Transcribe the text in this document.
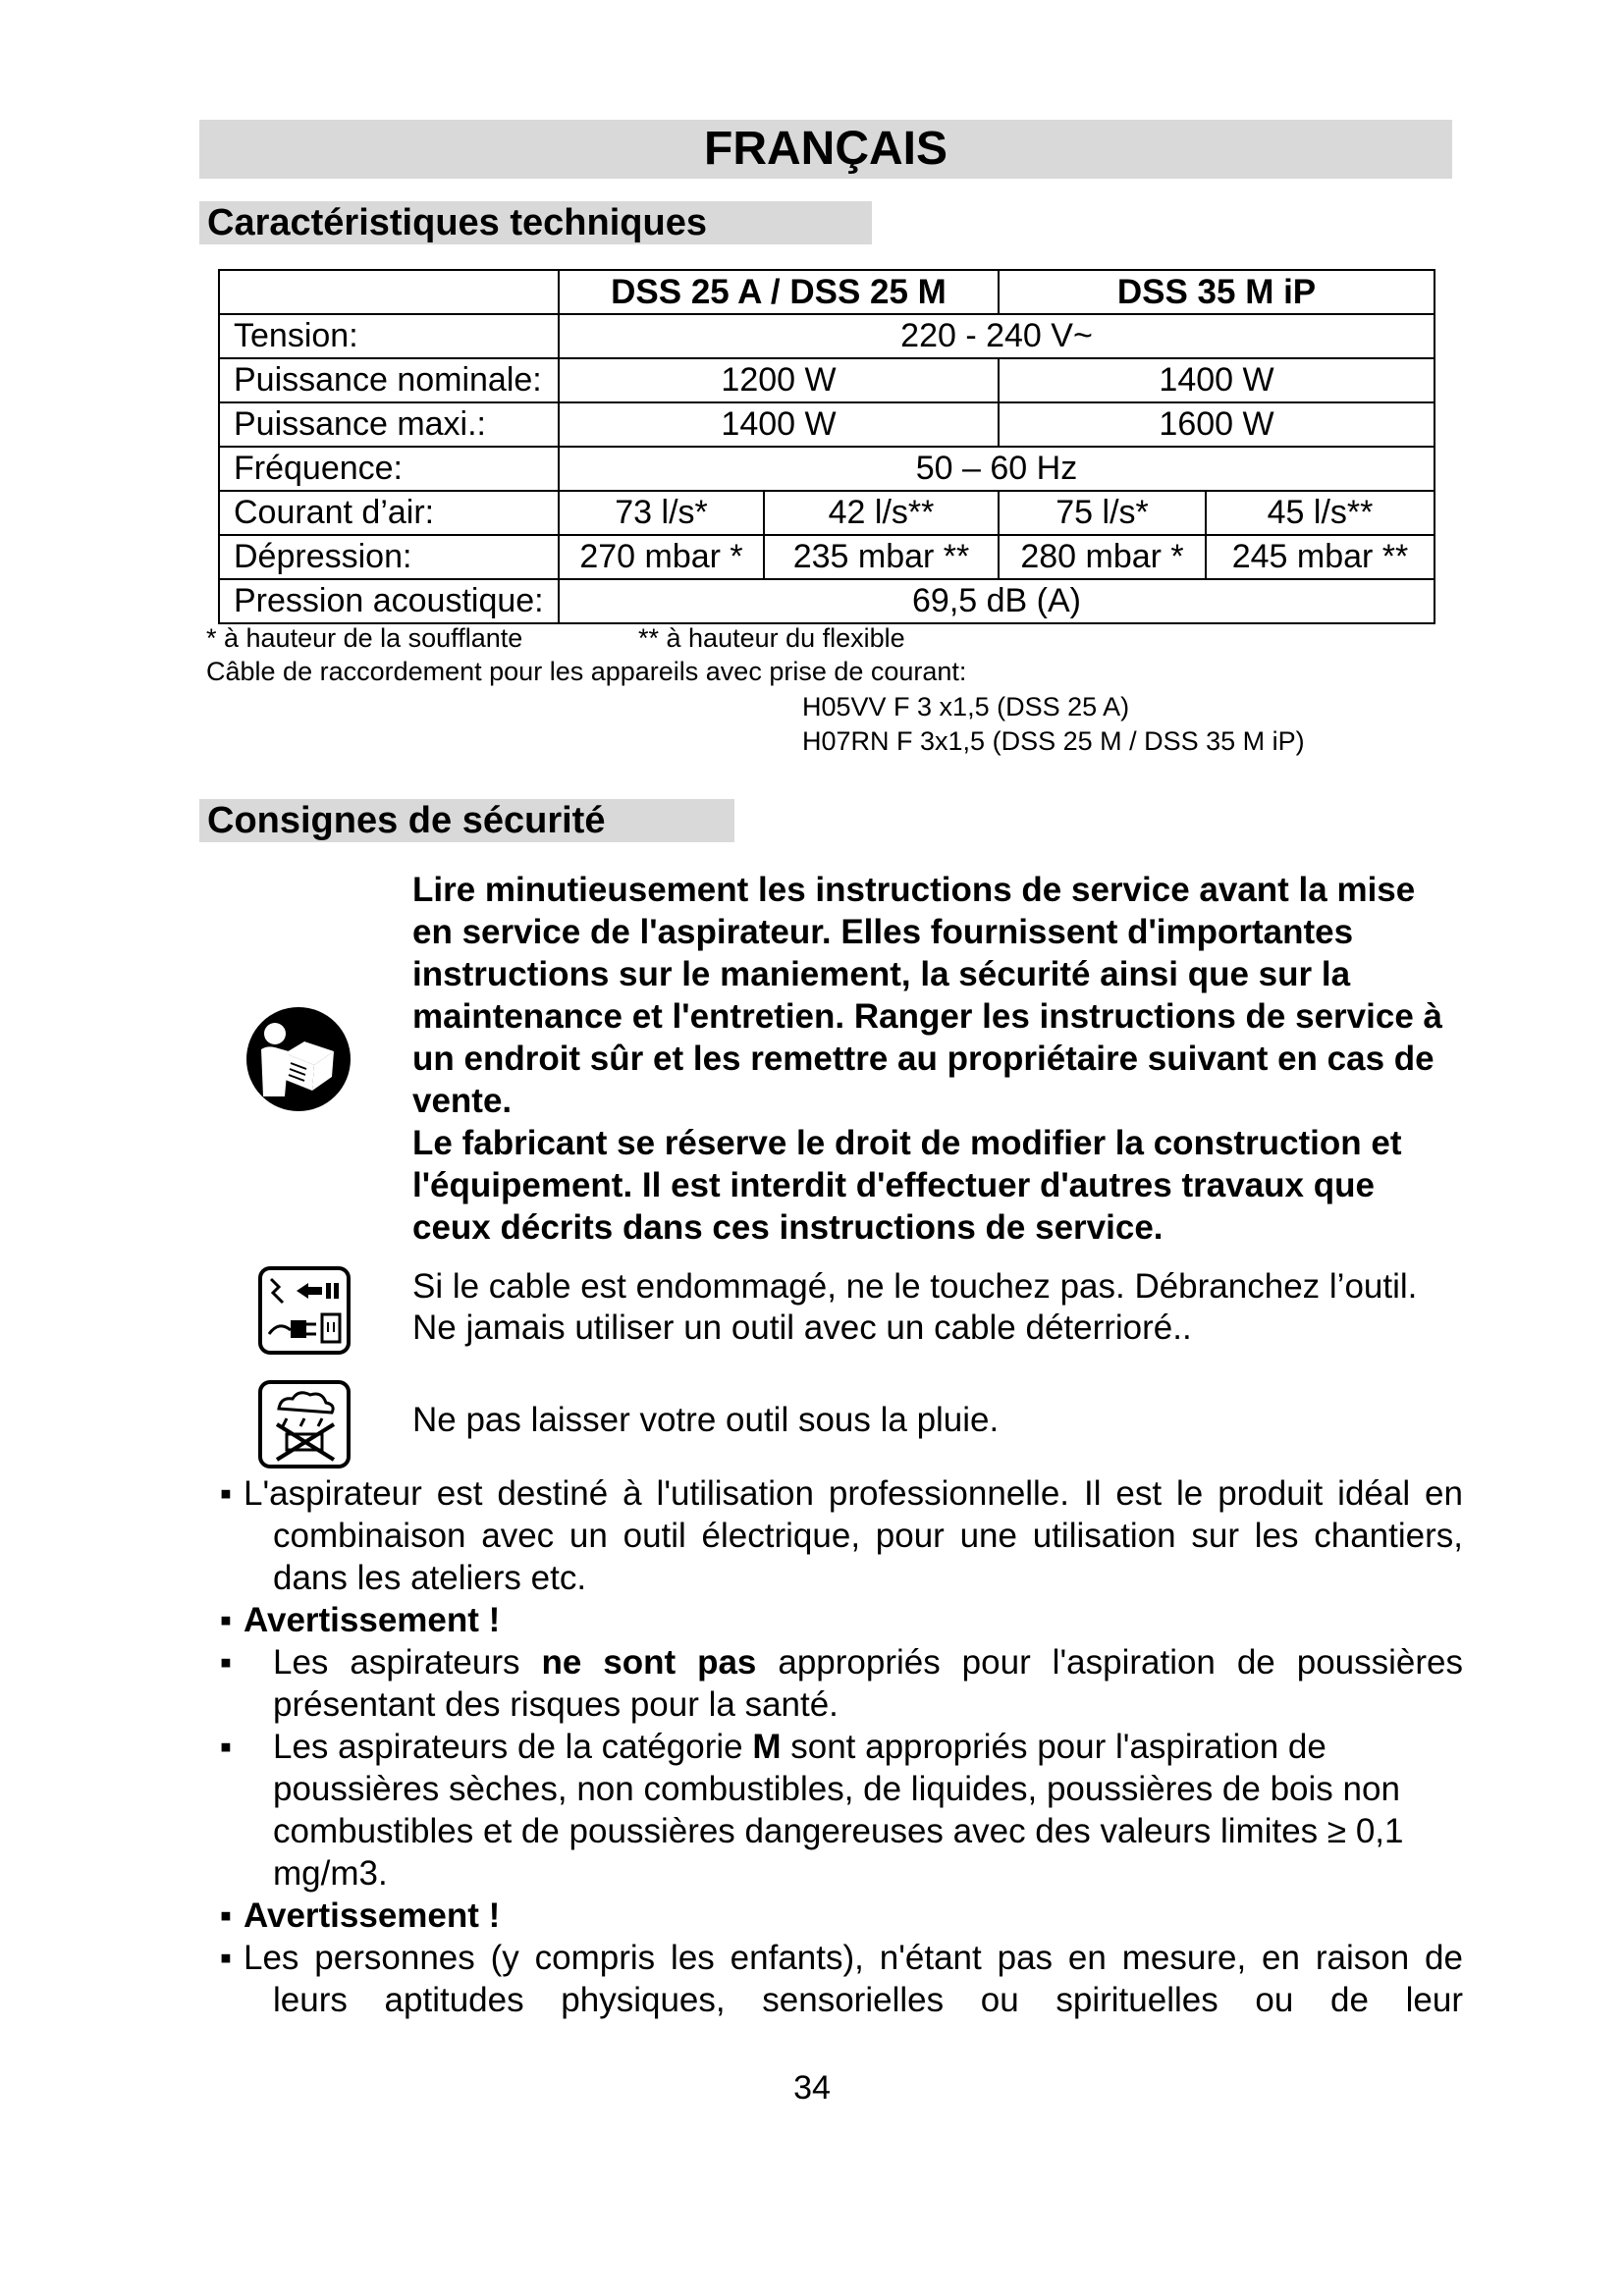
FRANÇAIS
Caractéristiques techniques
	DSS 25 A / DSS 25 M		DSS 35 M iP	
Tension:	220 - 240 V~			
Puissance nominale:	1200 W		1400 W	
Puissance maxi.:	1400 W		1600 W	
Fréquence:	50 – 60 Hz			
Courant d’air:	73 l/s*	42 l/s**	75 l/s*	45 l/s**
Dépression:	270 mbar *	235 mbar **	280 mbar *	245 mbar **
Pression acoustique:	69,5 dB (A)			
* à hauteur de la soufflante	** à hauteur du flexible
Câble de raccordement pour les appareils avec prise de courant:
H05VV F 3 x1,5 (DSS 25 A)
H07RN F 3x1,5 (DSS 25 M / DSS 35 M iP)
Consignes de sécurité
Lire minutieusement les instructions de service avant la mise en service de l'aspirateur. Elles fournissent d'importantes instructions sur le maniement, la sécurité ainsi que sur la maintenance et l'entretien. Ranger les instructions de service à un endroit sûr et les remettre au propriétaire suivant en cas de vente.
Le fabricant se réserve le droit de modifier la construction et l'équipement. Il est interdit d'effectuer d'autres travaux que ceux décrits dans ces instructions de service.
Si le cable est endommagé, ne le touchez pas. Débranchez l’outil. Ne jamais utiliser un outil avec un cable déterrioré..
Ne pas laisser votre outil sous la pluie.
▪ L'aspirateur est destiné à l'utilisation professionnelle. Il est le produit idéal en combinaison avec un outil électrique, pour une utilisation sur les chantiers, dans les ateliers etc.
▪ Avertissement !
▪	Les aspirateurs ne sont pas appropriés pour l'aspiration de poussières présentant des risques pour la santé.
▪	Les aspirateurs de la catégorie M sont appropriés pour l'aspiration de poussières sèches, non combustibles, de liquides, poussières de bois non combustibles et de poussières dangereuses avec des valeurs limites ≥ 0,1 mg/m3.
▪ Avertissement !
▪ Les personnes (y compris les enfants), n'étant pas en mesure, en raison de leurs aptitudes physiques, sensorielles ou spirituelles ou de leur
34
